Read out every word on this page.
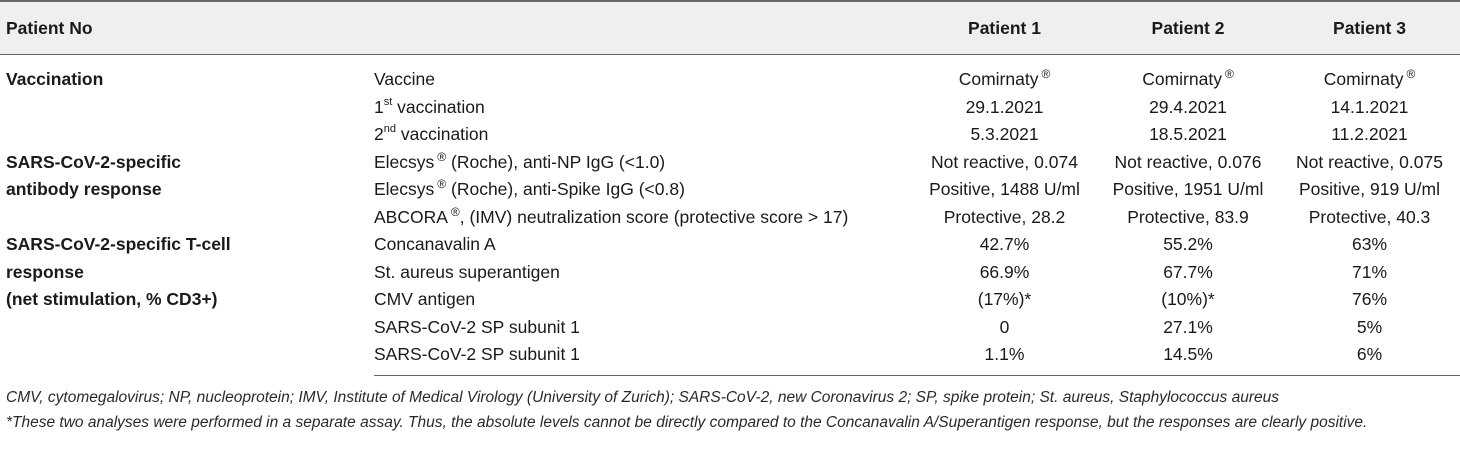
Patient No		Patient 1	Patient 2	Patient 3
Vaccination	Vaccine	Comirnaty ®	Comirnaty ®	Comirnaty ®
	1st vaccination	29.1.2021	29.4.2021	14.1.2021
	2nd vaccination	5.3.2021	18.5.2021	11.2.2021

SARS-CoV-2-specific antibody response	Elecsys ® (Roche), anti-NP IgG (<1.0)	Not reactive, 0.074	Not reactive, 0.076	Not reactive, 0.075
	Elecsys ® (Roche), anti-Spike IgG (<0.8)	Positive, 1488 U/ml	Positive, 1951 U/ml	Positive, 919 U/ml
	ABCORA ®, (IMV) neutralization score (protective score > 17)	Protective, 28.2	Protective, 83.9	Protective, 40.3

SARS-CoV-2-specific T-cell response
(net stimulation, % CD3+)	Concanavalin A	42.7%	55.2%	63%
	St. aureus superantigen	66.9%	67.7%	71%
	CMV antigen	(17%)*	(10%)*	76%
	SARS-CoV-2 SP subunit 1	0	27.1%	5%
	SARS-CoV-2 SP subunit 1	1.1%	14.5%	6%
CMV, cytomegalovirus; NP, nucleoprotein; IMV, Institute of Medical Virology (University of Zurich); SARS-CoV-2, new Coronavirus 2; SP, spike protein; St. aureus, Staphylococcus aureus
*These two analyses were performed in a separate assay. Thus, the absolute levels cannot be directly compared to the Concanavalin A/Superantigen response, but the responses are clearly positive.
